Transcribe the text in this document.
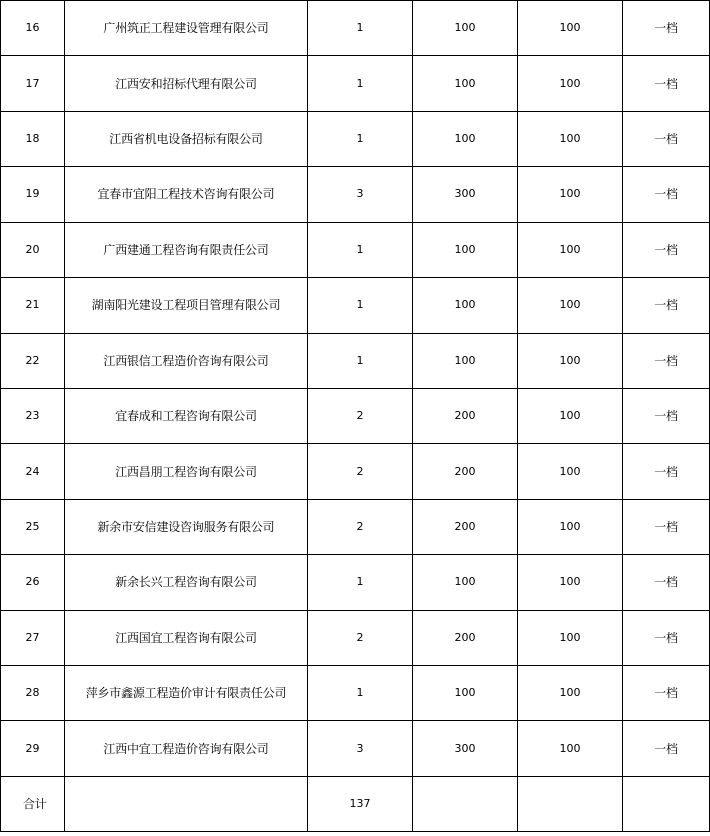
16	广州筑正工程建设管理有限公司	1	100	100	一档
17	江西安和招标代理有限公司	1	100	100	一档
18	江西省机电设备招标有限公司	1	100	100	一档
19	宜春市宜阳工程技术咨询有限公司	3	300	100	一档
20	广西建通工程咨询有限责任公司	1	100	100	一档
21	湖南阳光建设工程项目管理有限公司	1	100	100	一档
22	江西银信工程造价咨询有限公司	1	100	100	一档
23	宜春成和工程咨询有限公司	2	200	100	一档
24	江西昌朋工程咨询有限公司	2	200	100	一档
25	新余市安信建设咨询服务有限公司	2	200	100	一档
26	新余长兴工程咨询有限公司	1	100	100	一档
27	江西国宜工程咨询有限公司	2	200	100	一档
28	萍乡市鑫源工程造价审计有限责任公司	1	100	100	一档
29	江西中宜工程造价咨询有限公司	3	300	100	一档
合计		137			
